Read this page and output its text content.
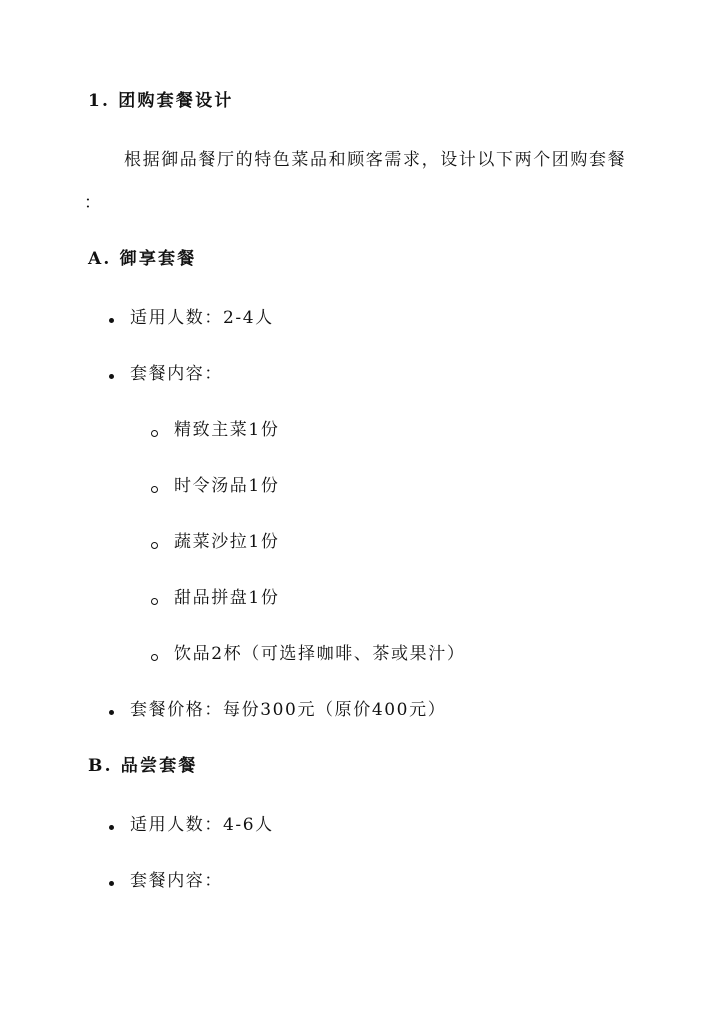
1. 团购套餐设计
根据御品餐厅的特色菜品和顾客需求，设计以下两个团购套餐
：
A. 御享套餐
适用人数：2-4人
套餐内容：
精致主菜1份
时令汤品1份
蔬菜沙拉1份
甜品拼盘1份
饮品2杯（可选择咖啡、茶或果汁）
套餐价格：每份300元（原价400元）
B. 品尝套餐
适用人数：4-6人
套餐内容：
